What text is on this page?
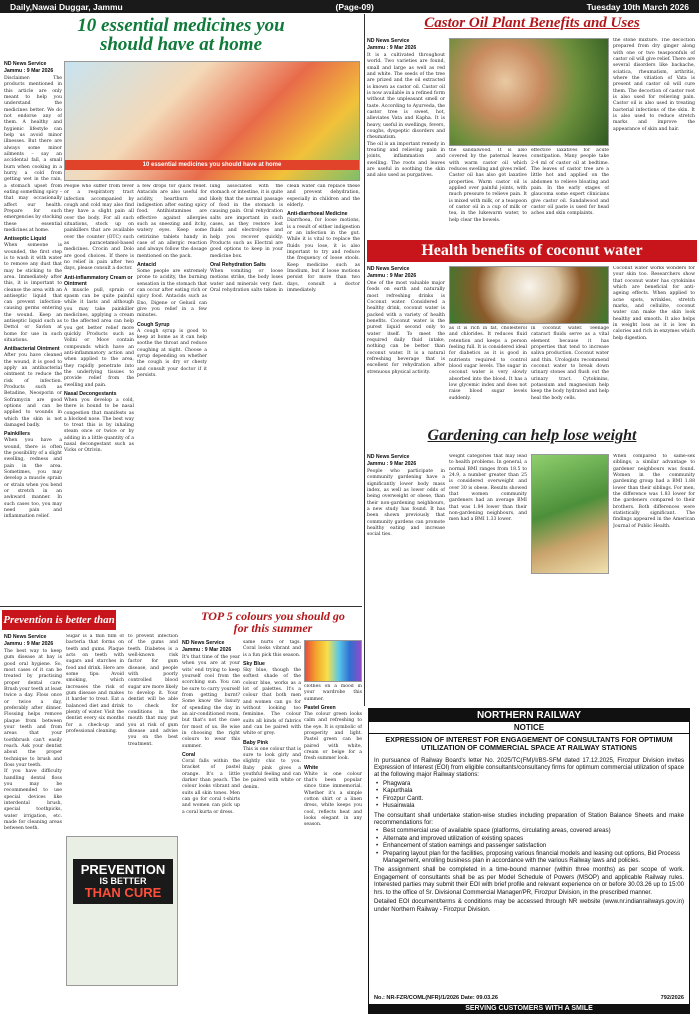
Daily,Nawai Duggar, Jammu	(Page-09)	Tuesday 10th March 2026
10 essential medicines you
should have at home
ND News Service
Jammu : 9 Mar 2026
Disclaimer: The products mentioned in this article are only meant to help you understand the medicines better. We do not endorse any of them. A healthy and hygienic lifestyle can help us avoid minor illnesses. But there are always some minor ailments – say an accidental fall, a small burn when cooking in a hurry, a cold from getting wet in the rain, a stomach upset from eating something spicy – that may occasionally affect our health. Prepare for such emergencies by stocking these essential medicines at home.
Antiseptic Liquid
When someone is wounded, the first step is to wash it with water to remove any dust that may be sticking to the area. Immediately after this, it is important to cleanse the area with an antiseptic liquid that can prevent infection-causing germs entering the wound. Keep an antiseptic liquid such as Dettol or Savlon at home for use in such situations.
Antibacterial Ointment
After you have cleaned the wound, it is good to apply an antibacterial ointment to reduce the risk of infection. Products such as Betadine, Neosporin or Soframycin are good options and can be applied to wounds in which the skin is not damaged badly.
Painkillers
When you have a wound, there is often the possibility of a slight swelling, redness and pain in the area. Sometimes, you may develop a muscle sprain or strain when you bend or stretch in an awkward manner. In such cases too, you may need pain and inflammation relief.
10 essential medicines you should have at home
People who suffer from fever or a respiratory tract infection accompanied by cough and cold may also find they have a slight pain all over the body. For all such situations, stock up on painkillers that are available over the counter (OTC) such as paracetamol-based medicines. Crocin and Dolo are good choices. If there is no relief in pain after two days, please consult a doctor.
Anti-inflammatory Cream or Ointment
A muscle pull, sprain or spasm can be quite painful while it lasts and although you may take painkiller medicines, applying a cream to the affected area can help you get better relief more quickly. Products such as Volini or Moov contain compounds which have an anti-inflammatory action and when applied to the area, they rapidly penetrate into the underlying tissues to provide relief from the swelling and pain.
Nasal Decongestants
When you develop a cold, there is bound to be nasal congestion that manifests as a blocked nose. The best way to treat this is by inhaling steam once or twice or by adding in a little quantity of a nasal decongestant such as Vicks or Otrivin.
a few drops for quick relief. Antacids are also useful for acidity, heartburn and indigestion after eating spicy food. Antihistamines are effective against allergies such as sneezing and itchy, watery eyes. Keep some cetirizine tablets handy in case of an allergic reaction and always follow the dosage mentioned on the pack.
Antacid
Some people are extremely prone to acidity, the burning sensation in the stomach that can occur after eating rich or spicy food. Antacids such as Eno, Digene or Gelusil can give you relief in a few minutes.
Cough Syrup
A cough syrup is good to keep at home as it can help soothe the throat and reduce coughing at night. Choose a syrup depending on whether the cough is dry or chesty and consult your doctor if it persists.
lung associated with the stomach or intestine, it is quite likely that the normal passage of food in the stomach is causing pain. Oral rehydration salts are important in such cases, as they restore lost fluids and electrolytes and help you recover quickly. Products such as Electral are good options to keep in your medicine box.
Oral Rehydration Salts
When vomiting or loose motions strike, the body loses water and minerals very fast. Oral rehydration salts taken in clean water can replace these and prevent dehydration, especially in children and the elderly.
Anti-diarrhoeal Medicine
Diarrhoea, for loose motions, is a result of either indigestion or an infection in the gut. While it is vital to replace the fluids you lose, it is also important to try and reduce the frequency of loose stools. Keep medicine such as Imodium, but if loose motions persist for more than two days, consult a doctor immediately.
Castor Oil Plant Benefits and Uses
ND News Service
Jammu : 9 Mar 2026
It is a cultivated throughout world. Two varieties are found, small and large as well as red and white. The seeds of the tree are prized and the oil extracted is known as castor oil. Castor oil is now available in a refined form without the unpleasant smell or taste. According to Ayurveda, the castor tree is sweet, hot, alleviates Vata and Kapha. It is heavy, useful in swellings, fevers, coughs, dyspeptic disorders and rheumatism.
The oil is an important remedy in treating and relieving pain in joints, inflammation and swelling. The roots and leaves are useful in soothing the skin and also used as purgatives.
the sandalwood. It is also covered by the paternal leaves with warm castor oil which reduces swelling and gives relief. Castor oil has also got laxative properties. Warm castor oil is applied over painful joints, with much pressure to relieve pain. It is mixed with milk, or a teaspoon of castor oil in a cup of milk or tea, in the lukewarm water, to help clear the bowels.
effective laxatives for acute constipation. Many people take 2-4 ml of castor oil at bedtime. The leaves of castor tree are a little hot and applied on the abdomen to relieve bloating and pain. In the early stages of glaucoma some expert clinicians give castor oil. Sandalwood and castor oil paste is used for head aches and skin complaints.
the stone mixture. The decoction prepared from dry ginger along with one or two teaspoonfuls of castor oil will give relief. There are several disorders like backache, sciatica, rheumatism, arthritis, where the vitiation of Vata is present and castor oil will cure them. The decoction of castor root is also used for relieving pain. Castor oil is also used in treating bacterial infections of the skin. It is also used to reduce stretch marks and improve the appearance of skin and hair.
Health benefits of coconut water
ND News Service
Jammu : 9 Mar 2026
One of the most valuable major foods on earth and naturally most refreshing drinks is Coconut water. Considered a healthy drink, coconut water is packed with a variety of health benefits. Coconut water is the purest liquid second only to water itself. To meet the required daily fluid intake, nothing can be better than coconut water. It is a natural refreshing beverage that is excellent for rehydration after strenuous physical activity.
as it is rich in fat, cholesterol and chlorides. It reduces fluid retention and keeps a person feeling full. It is considered ideal for diabetics as it is good in nutrients required to control blood sugar levels. The sugar in coconut water is very slowly absorbed into the blood. It has a low glycemic index and does not raise blood sugar levels suddenly.
in coconut water. Teenage cataract fluids serve as a vital element because it has properties that tend to increase saliva production. Coconut water and thin. Urologists recommend coconut water to break down urinary stones and flush out the urinary tract. Cytokinins, potassium and magnesium help keep the body hydrated and help heal the body cells.
Coconut water works wonders for your skin too. Researchers show that coconut water has cytokinins which are beneficial for anti-ageing effects. When applied to acne spots, wrinkles, stretch marks, and cellulite, coconut water can make the skin look healthy and smooth. It also helps in weight loss as it is low in calories and rich in enzymes which help digestion.
Gardening can help lose weight
ND News Service
Jammu : 9 Mar 2026
People who participate in community gardening have a significantly lower body mass index, as well as lower odds of being overweight or obese, than their non-gardening neighbours, a new study has found. It has been shown previously that community gardens can promote healthy eating and increase social ties.
weight categories that may lead to health problems. In general, a normal BMI ranges from 18.5 to 24.9, a number greater than 25 is considered overweight and over 30 is obese. Results showed that women community gardeners had an average BMI that was 1.84 lower than their non-gardening neighbours, and men had a BMI 1.33 lower.
When compared to same-sex siblings, a similar advantage to gardener neighbours was found. Women in the community gardening group had a BMI 1.88 lower than their siblings. For men, the difference was 1.83 lower for the gardeners compared to their brothers. Both differences were statistically significant. The findings appeared in the American Journal of Public Health.
Prevention is better than cure
ND News Service
Jammu : 9 Mar 2026
The best way to keep gum disease at bay is good oral hygiene. So, most cases of it can be treated by practising proper dental care. Brush your teeth at least twice a day. Floss once or twice a day, preferably after dinner. Flossing helps remove plaque from between your teeth and from areas that your toothbrush can't easily reach. Ask your dentist about the proper technique to brush and floss your teeth.
If you have difficulty handling dental floss you may be recommended to use special devices like interdental brush, special toothpicks, water irrigation, etc. made for cleaning areas between teeth.
Sugar is a thin film of bacteria that forms on teeth and gums. Plaque acts on teeth with sugars and starches in food and drink. Here are some tips: Avoid smoking, which increases the risk of gum disease and makes it harder to treat. Eat a balanced diet and drink plenty of water. Visit the dentist every six months for a check-up and professional cleaning.
PREVENTION
IS BETTER
THAN CURE
to prevent infection of the gums and teeth. Diabetes is a well-known risk factor for gum disease, and people with poorly controlled blood sugar are more likely to develop it. Your dentist will be able to check for conditions in the mouth that may put you at risk of gum disease and advise you on the best treatment.
TOP 5 colours you should go
for this summer
ND News Service
Jammu : 9 Mar 2026
It's that time of the year when you are at your wits' end trying to keep yourself cool from the scorching sun. You can be sure to carry yourself from getting burnt? Some know the luxury of spending the day in an air-conditioned room, but that's not the case for most of us. Be wise in choosing the right colours to wear this summer.
Coral
Coral falls within the bracket of pastel orange. It's a little darker than peach. The colour looks vibrant and suits all skin tones. Men can go for coral t-shirts and women can pick up a coral kurta or dress.
same hurts or tags. Coral looks vibrant and is a fun pick this season.
Sky Blue
Sky blue, though the softest shade of the colour blue, works as a lot of palettes. It's a colour that both men and women can go for without looking too feminine. The colour suits all kinds of fabrics and can be paired with white or grey.
Baby Pink
This is one colour that is sure to look girly and slightly chic to you. Baby pink gives a youthful feeling and can be paired with white or denim.
clothes on a mood in your wardrobe this summer.
Pastel Green
The colour green looks calm and refreshing to the eye. It is symbolic of prosperity and light. Pastel green can be paired with white, cream or beige for a fresh summer look.
White
White is one colour that's been popular since time immemorial. Whether it's a simple cotton shirt or a linen dress, white keeps you cool, reflects heat and looks elegant in any season.
NORTHERN RAILWAY
NOTICE
EXPRESSION OF INTEREST FOR ENGAGEMENT OF CONSULTANTS FOR OPTIMUM UTILIZATION OF COMMERCIAL SPACE AT RAILWAY STATIONS
In pursuance of Railway Board's letter No. 2025/TC(FM)/I/BS-SFM dated 17.12.2025, Firozpur Division invites Expression of Interest (EOI) from eligible consultants/consultancy firms for optimum commercial utilization of space at the following major Railway stations:
• Phagwara
• Kapurthala
• Firozpur Cantt.
• Husainwala
The consultant shall undertake station-wise studies including preparation of Station Balance Sheets and make recommendations for:
• Best commercial use of available space (platforms, circulating areas, covered areas)
• Alternate and improved utilization of existing spaces
• Enhancement of station earnings and passenger satisfaction
• Preparing layout plan for the facilities, proposing various financial models and leasing out options, Bid Process Management, enrolling business plan in accordance with the various Railway laws and policies.
The assignment shall be completed in a time-bound manner (within three months) as per scope of work. Engagement of consultants shall be as per Model Schedule of Powers (MSOP) and applicable Railway rules. Interested parties may submit their EOI with brief profile and relevant experience on or before 30.03.26 up to 15:00 hrs. to the office of Sr. Divisional Commercial Manager/PR, Firozpur Division, in the prescribed manner.
Detailed EOI document/terms & conditions may be accessed through NR website (www.nr.indianrailways.gov.in) under Northern Railway - Firozpur Division.
No.: NR-FZR/COML(NFR)/1/2026 Date: 09.03.26	792/2026
SERVING CUSTOMERS WITH A SMILE
